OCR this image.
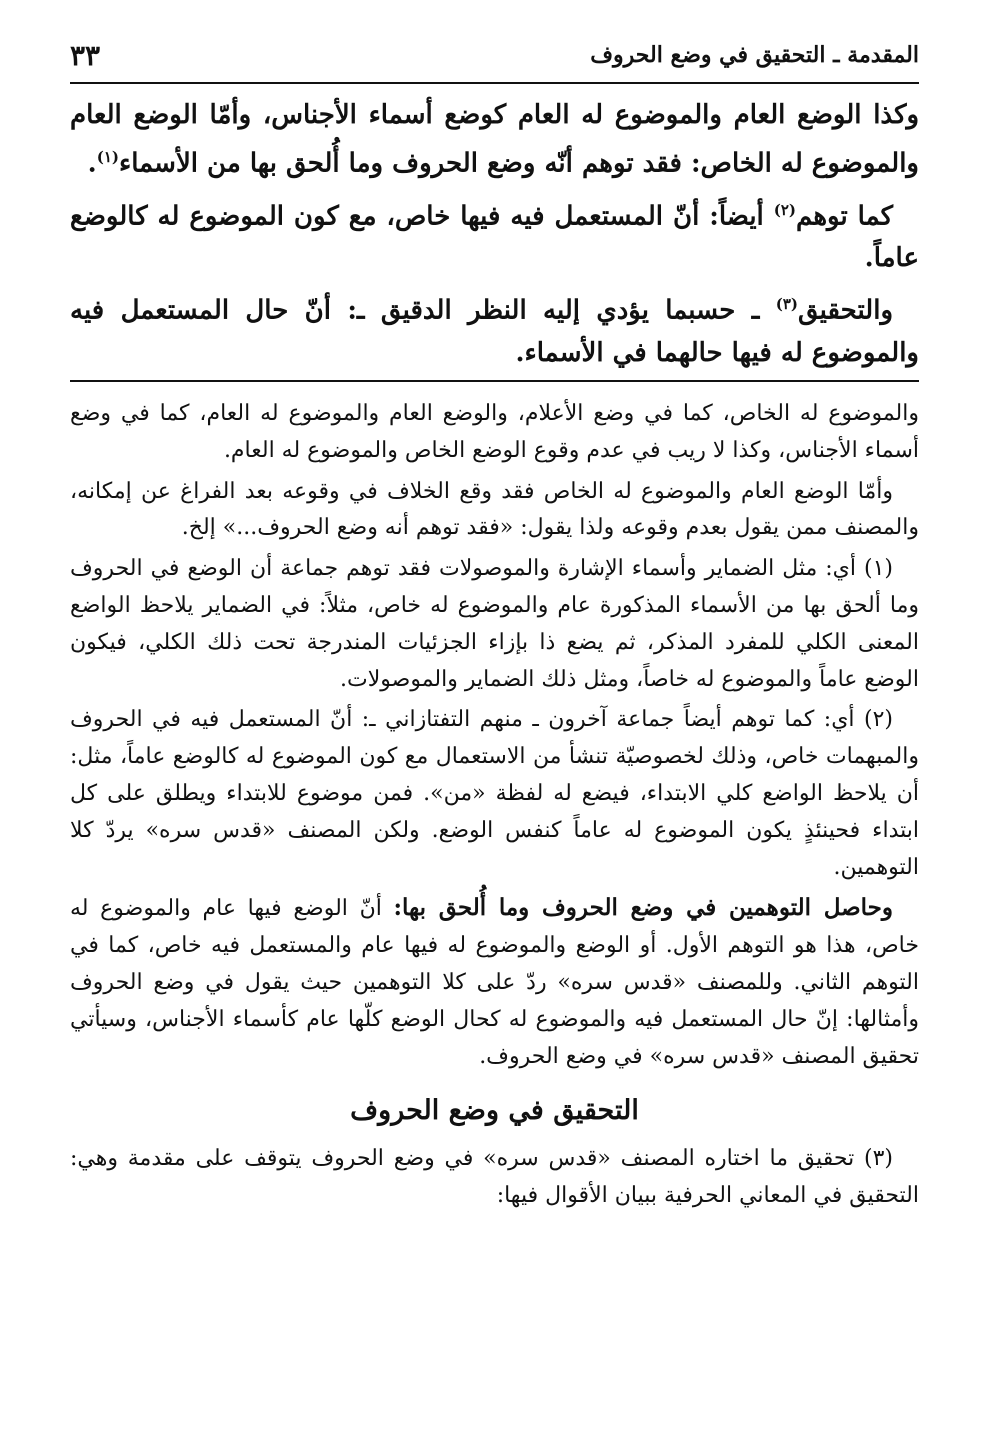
المقدمة ـ التحقيق في وضع الحروف
٣٣

وكذا الوضع العام والموضوع له العام كوضع أسماء الأجناس، وأمّا الوضع العام والموضوع له الخاص: فقد توهم أنّه وضع الحروف وما أُلحق بها من الأسماء$^{(١)}$.

كما توهم$^{(٢)}$ أيضاً: أنّ المستعمل فيه فيها خاص، مع كون الموضوع له كالوضع عاماً.

والتحقيق$^{(٣)}$ ـ حسبما يؤدي إليه النظر الدقيق ـ: أنّ حال المستعمل فيه والموضوع له فيها حالهما في الأسماء.

والموضوع له الخاص، كما في وضع الأعلام، والوضع العام والموضوع له العام، كما في وضع أسماء الأجناس، وكذا لا ريب في عدم وقوع الوضع الخاص والموضوع له العام.

وأمّا الوضع العام والموضوع له الخاص فقد وقع الخلاف في وقوعه بعد الفراغ عن إمكانه، والمصنف ممن يقول بعدم وقوعه ولذا يقول: «فقد توهم أنه وضع الحروف...» إلخ.

(١) أي: مثل الضماير وأسماء الإشارة والموصولات فقد توهم جماعة أن الوضع في الحروف وما ألحق بها من الأسماء المذكورة عام والموضوع له خاص، مثلاً: في الضماير يلاحظ الواضع المعنى الكلي للمفرد المذكر، ثم يضع ذا بإزاء الجزئيات المندرجة تحت ذلك الكلي، فيكون الوضع عاماً والموضوع له خاصاً، ومثل ذلك الضماير والموصولات.

(٢) أي: كما توهم أيضاً جماعة آخرون ـ منهم التفتازاني ـ: أنّ المستعمل فيه في الحروف والمبهمات خاص، وذلك لخصوصيّة تنشأ من الاستعمال مع كون الموضوع له كالوضع عاماً، مثل: أن يلاحظ الواضع كلي الابتداء، فيضع له لفظة «من». فمن موضوع للابتداء ويطلق على كل ابتداء فحينئذٍ يكون الموضوع له عاماً كنفس الوضع. ولكن المصنف «قدس سره» يردّ كلا التوهمين.

وحاصل التوهمين في وضع الحروف وما أُلحق بها: أنّ الوضع فيها عام والموضوع له خاص، هذا هو التوهم الأول. أو الوضع والموضوع له فيها عام والمستعمل فيه خاص، كما في التوهم الثاني. وللمصنف «قدس سره» ردّ على كلا التوهمين حيث يقول في وضع الحروف وأمثالها: إنّ حال المستعمل فيه والموضوع له كحال الوضع كلّها عام كأسماء الأجناس، وسيأتي تحقيق المصنف «قدس سره» في وضع الحروف.

التحقيق في وضع الحروف

(٣) تحقيق ما اختاره المصنف «قدس سره» في وضع الحروف يتوقف على مقدمة وهي: التحقيق في المعاني الحرفية ببيان الأقوال فيها:
